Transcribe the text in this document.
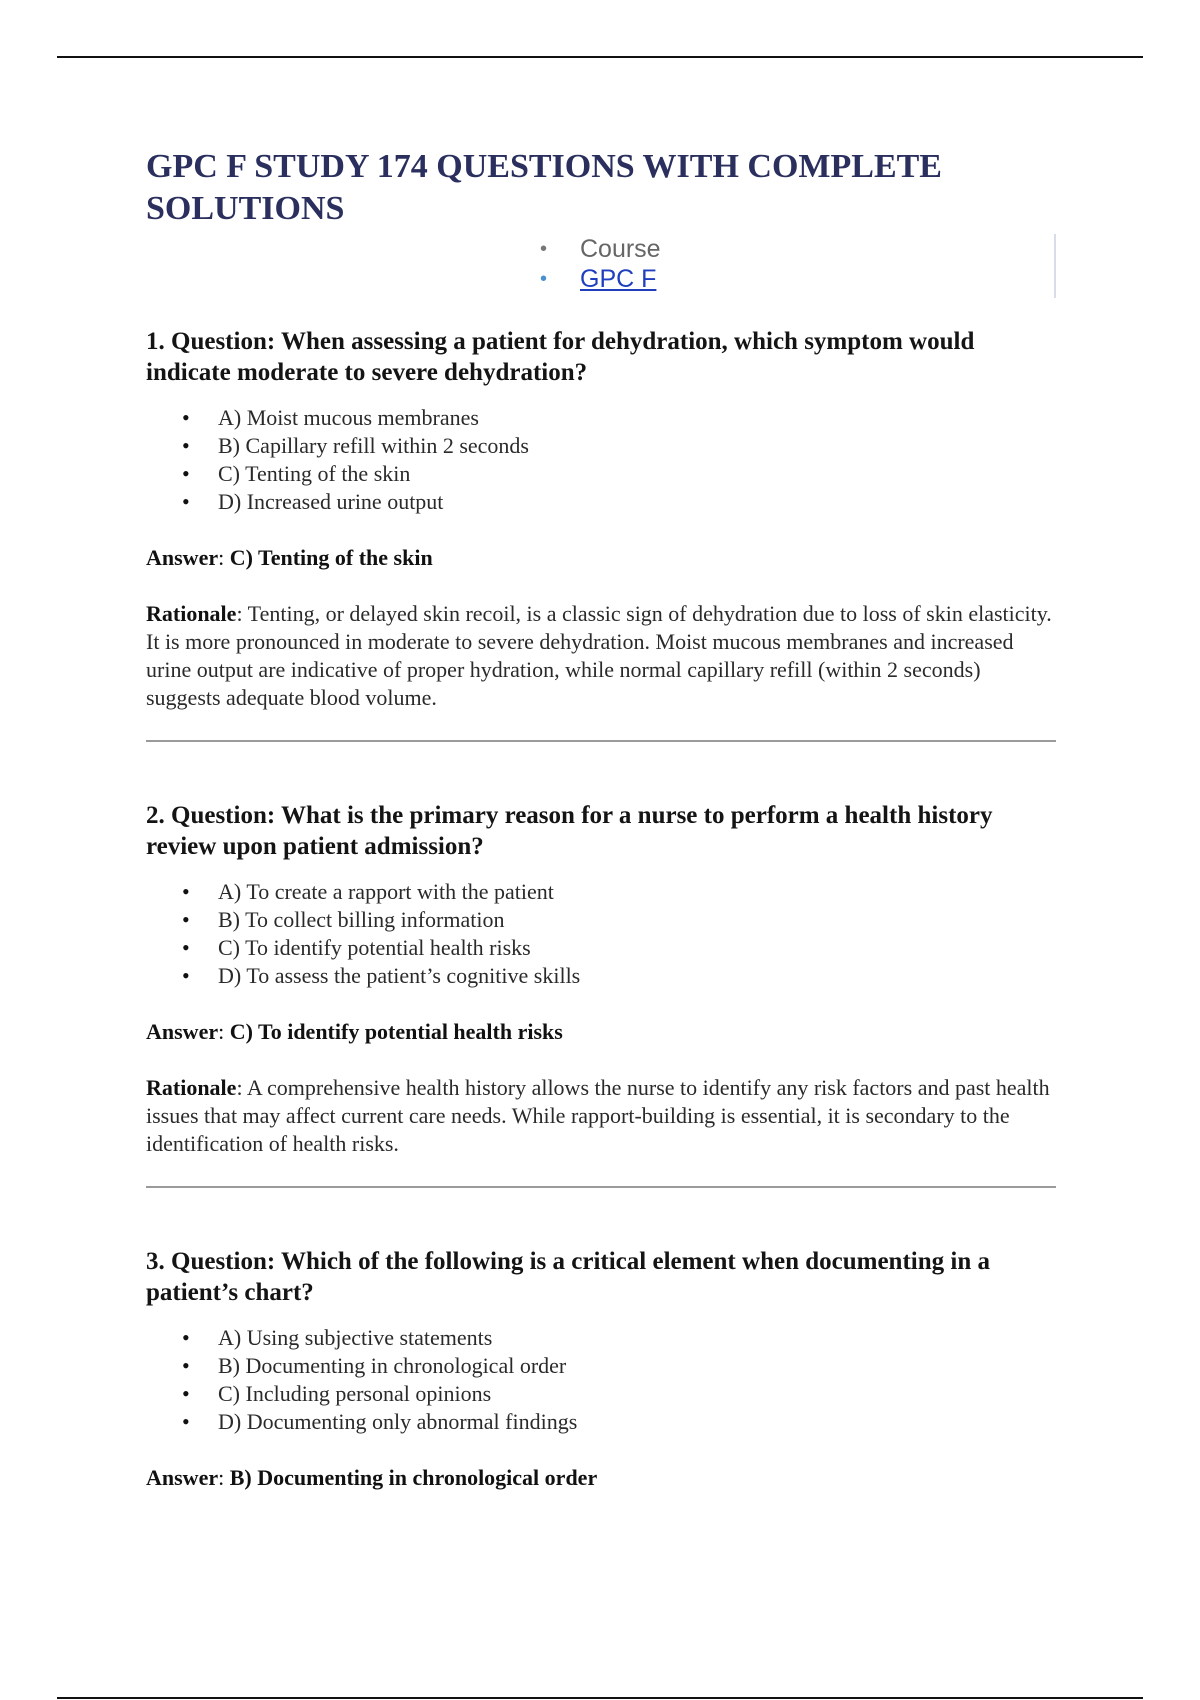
GPC F STUDY 174 QUESTIONS WITH COMPLETE SOLUTIONS
• Course
• GPC F
1. Question: When assessing a patient for dehydration, which symptom would indicate moderate to severe dehydration?
• A) Moist mucous membranes
• B) Capillary refill within 2 seconds
• C) Tenting of the skin
• D) Increased urine output

Answer: C) Tenting of the skin

Rationale: Tenting, or delayed skin recoil, is a classic sign of dehydration due to loss of skin elasticity. It is more pronounced in moderate to severe dehydration. Moist mucous membranes and increased urine output are indicative of proper hydration, while normal capillary refill (within 2 seconds) suggests adequate blood volume.

2. Question: What is the primary reason for a nurse to perform a health history review upon patient admission?
• A) To create a rapport with the patient
• B) To collect billing information
• C) To identify potential health risks
• D) To assess the patient’s cognitive skills

Answer: C) To identify potential health risks

Rationale: A comprehensive health history allows the nurse to identify any risk factors and past health issues that may affect current care needs. While rapport-building is essential, it is secondary to the identification of health risks.

3. Question: Which of the following is a critical element when documenting in a patient’s chart?
• A) Using subjective statements
• B) Documenting in chronological order
• C) Including personal opinions
• D) Documenting only abnormal findings

Answer: B) Documenting in chronological order
